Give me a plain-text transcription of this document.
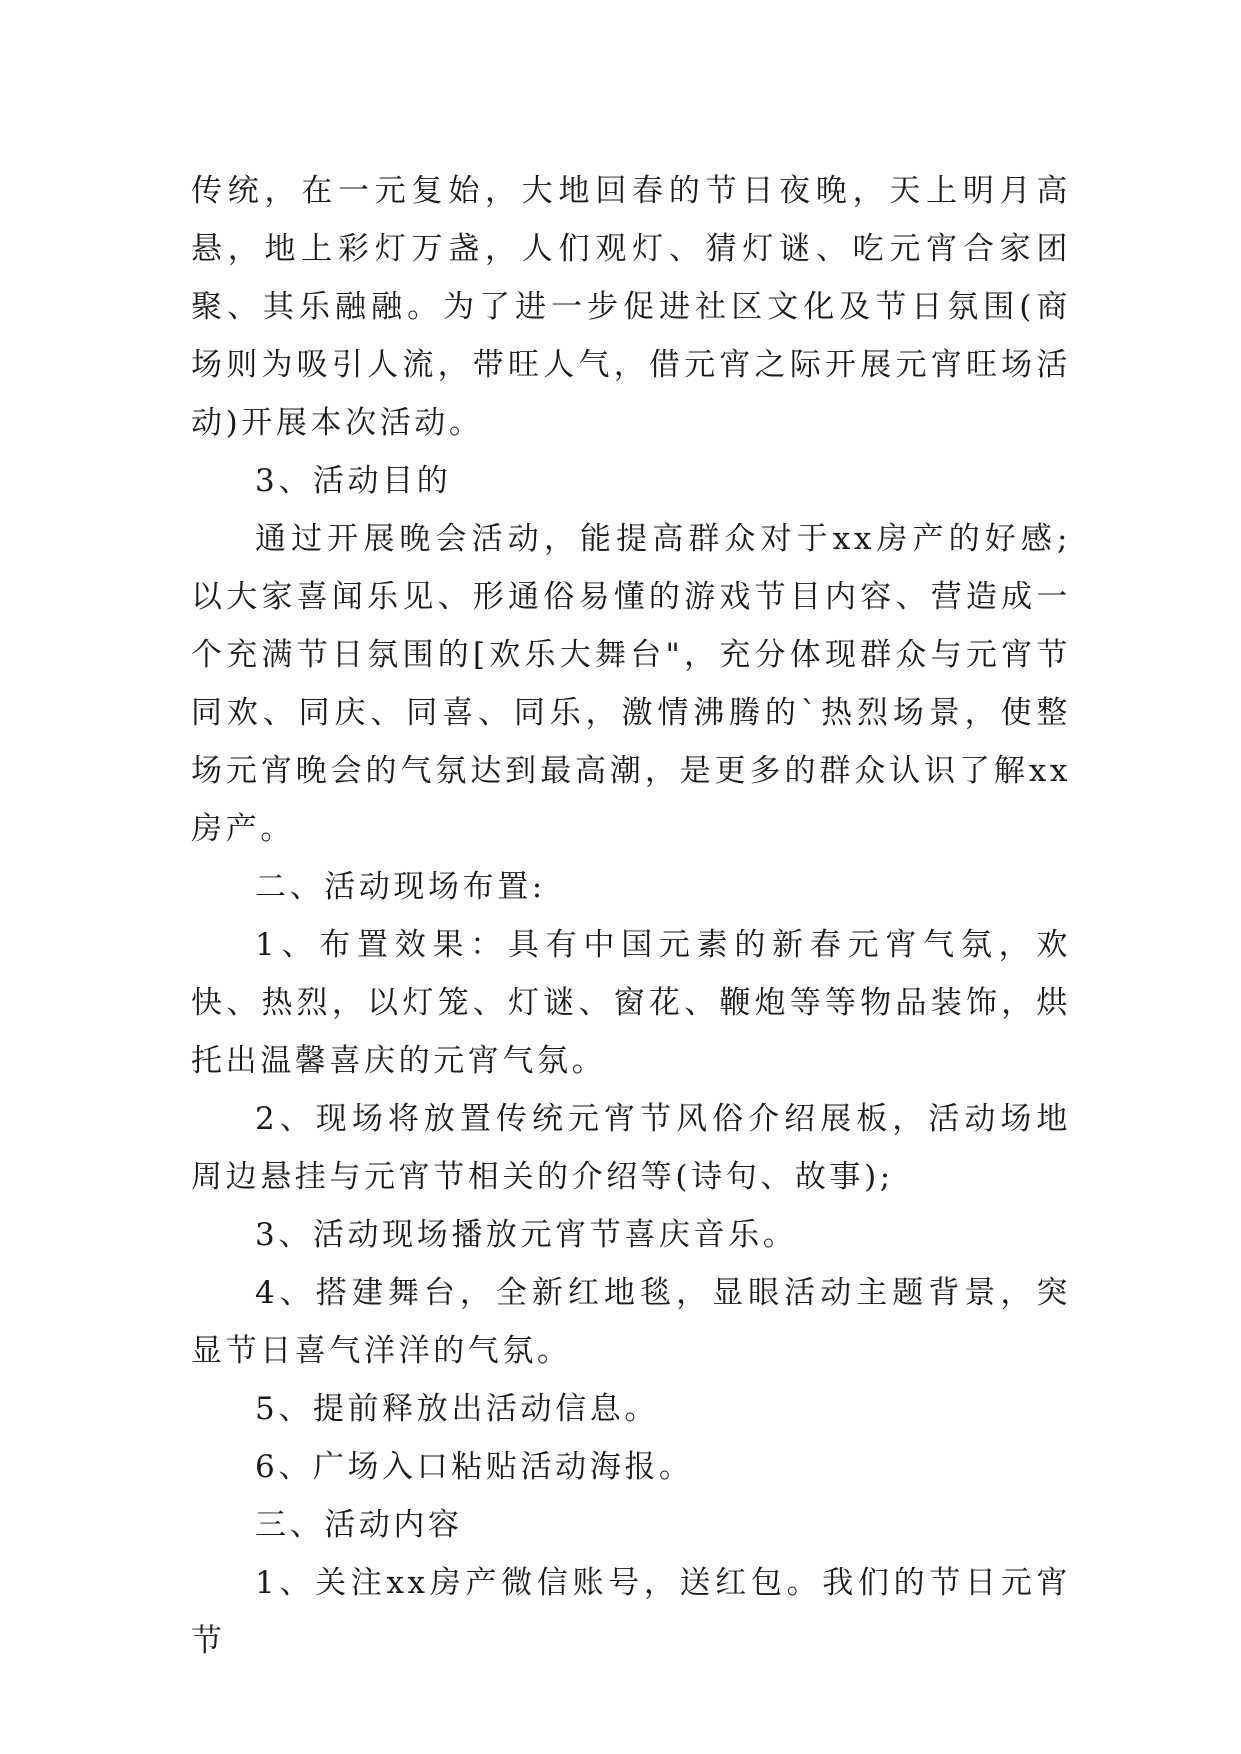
传统，在一元复始，大地回春的节日夜晚，天上明月高悬，地上彩灯万盏，人们观灯、猜灯谜、吃元宵合家团聚、其乐融融。为了进一步促进社区文化及节日氛围(商场则为吸引人流，带旺人气，借元宵之际开展元宵旺场活动)开展本次活动。

3、活动目的

通过开展晚会活动，能提高群众对于xx房产的好感;以大家喜闻乐见、形通俗易懂的游戏节目内容、营造成一个充满节日氛围的[欢乐大舞台"，充分体现群众与元宵节同欢、同庆、同喜、同乐，激情沸腾的`热烈场景，使整场元宵晚会的气氛达到最高潮，是更多的群众认识了解xx房产。

二、活动现场布置:

1、布置效果：具有中国元素的新春元宵气氛，欢快、热烈，以灯笼、灯谜、窗花、鞭炮等等物品装饰，烘托出温馨喜庆的元宵气氛。

2、现场将放置传统元宵节风俗介绍展板，活动场地周边悬挂与元宵节相关的介绍等(诗句、故事);

3、活动现场播放元宵节喜庆音乐。

4、搭建舞台，全新红地毯，显眼活动主题背景，突显节日喜气洋洋的气氛。

5、提前释放出活动信息。

6、广场入口粘贴活动海报。

三、活动内容

1、关注xx房产微信账号，送红包。我们的节日元宵节
